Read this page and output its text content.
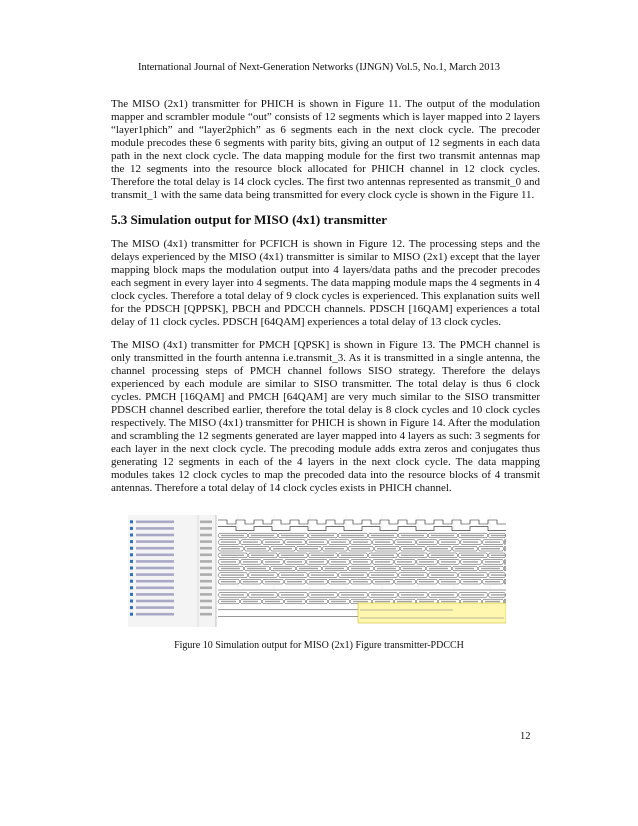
International Journal of Next-Generation Networks (IJNGN) Vol.5, No.1, March 2013

The MISO (2x1) transmitter for PHICH is shown in Figure 11. The output of the modulation mapper and scrambler module “out” consists of 12 segments which is layer mapped into 2 layers “layer1phich” and “layer2phich” as 6 segments each in the next clock cycle. The precoder module precodes these 6 segments with parity bits, giving an output of 12 segments in each data path in the next clock cycle. The data mapping module for the first two transmit antennas map the 12 segments into the resource block allocated for PHICH channel in 12 clock cycles. Therefore the total delay is 14 clock cycles. The first two antennas represented as transmit_0 and transmit_1 with the same data being transmitted for every clock cycle is shown in the Figure 11.

5.3 Simulation output for MISO (4x1) transmitter

The MISO (4x1) transmitter for PCFICH is shown in Figure 12. The processing steps and the delays experienced by the MISO (4x1) transmitter is similar to MISO (2x1) except that the layer mapping block maps the modulation output into 4 layers/data paths and the precoder precodes each segment in every layer into 4 segments. The data mapping module maps the 4 segments in 4 clock cycles. Therefore a total delay of 9 clock cycles is experienced. This explanation suits well for the PDSCH [QPPSK], PBCH and PDCCH channels. PDSCH [16QAM] experiences a total delay of 11 clock cycles. PDSCH [64QAM] experiences a total delay of 13 clock cycles.

The MISO (4x1) transmitter for PMCH [QPSK] is shown in Figure 13. The PMCH channel is only transmitted in the fourth antenna i.e.transmit_3. As it is transmitted in a single antenna, the channel processing steps of PMCH channel follows SISO strategy. Therefore the delays experienced by each module are similar to SISO transmitter. The total delay is thus 6 clock cycles. PMCH [16QAM] and PMCH [64QAM] are very much similar to the SISO transmitter PDSCH channel described earlier, therefore the total delay is 8 clock cycles and 10 clock cycles respectively. The MISO (4x1) transmitter for PHICH is shown in Figure 14. After the modulation and scrambling the 12 segments generated are layer mapped into 4 layers as such: 3 segments for each layer in the next clock cycle. The precoding module adds extra zeros and conjugates thus generating 12 segments in each of the 4 layers in the next clock cycle. The data mapping modules takes 12 clock cycles to map the precoded data into the resource blocks of 4 transmit antennas. Therefore a total delay of 14 clock cycles exists in PHICH channel.

Figure 10 Simulation output for MISO (2x1) Figure transmitter-PDCCH
12
